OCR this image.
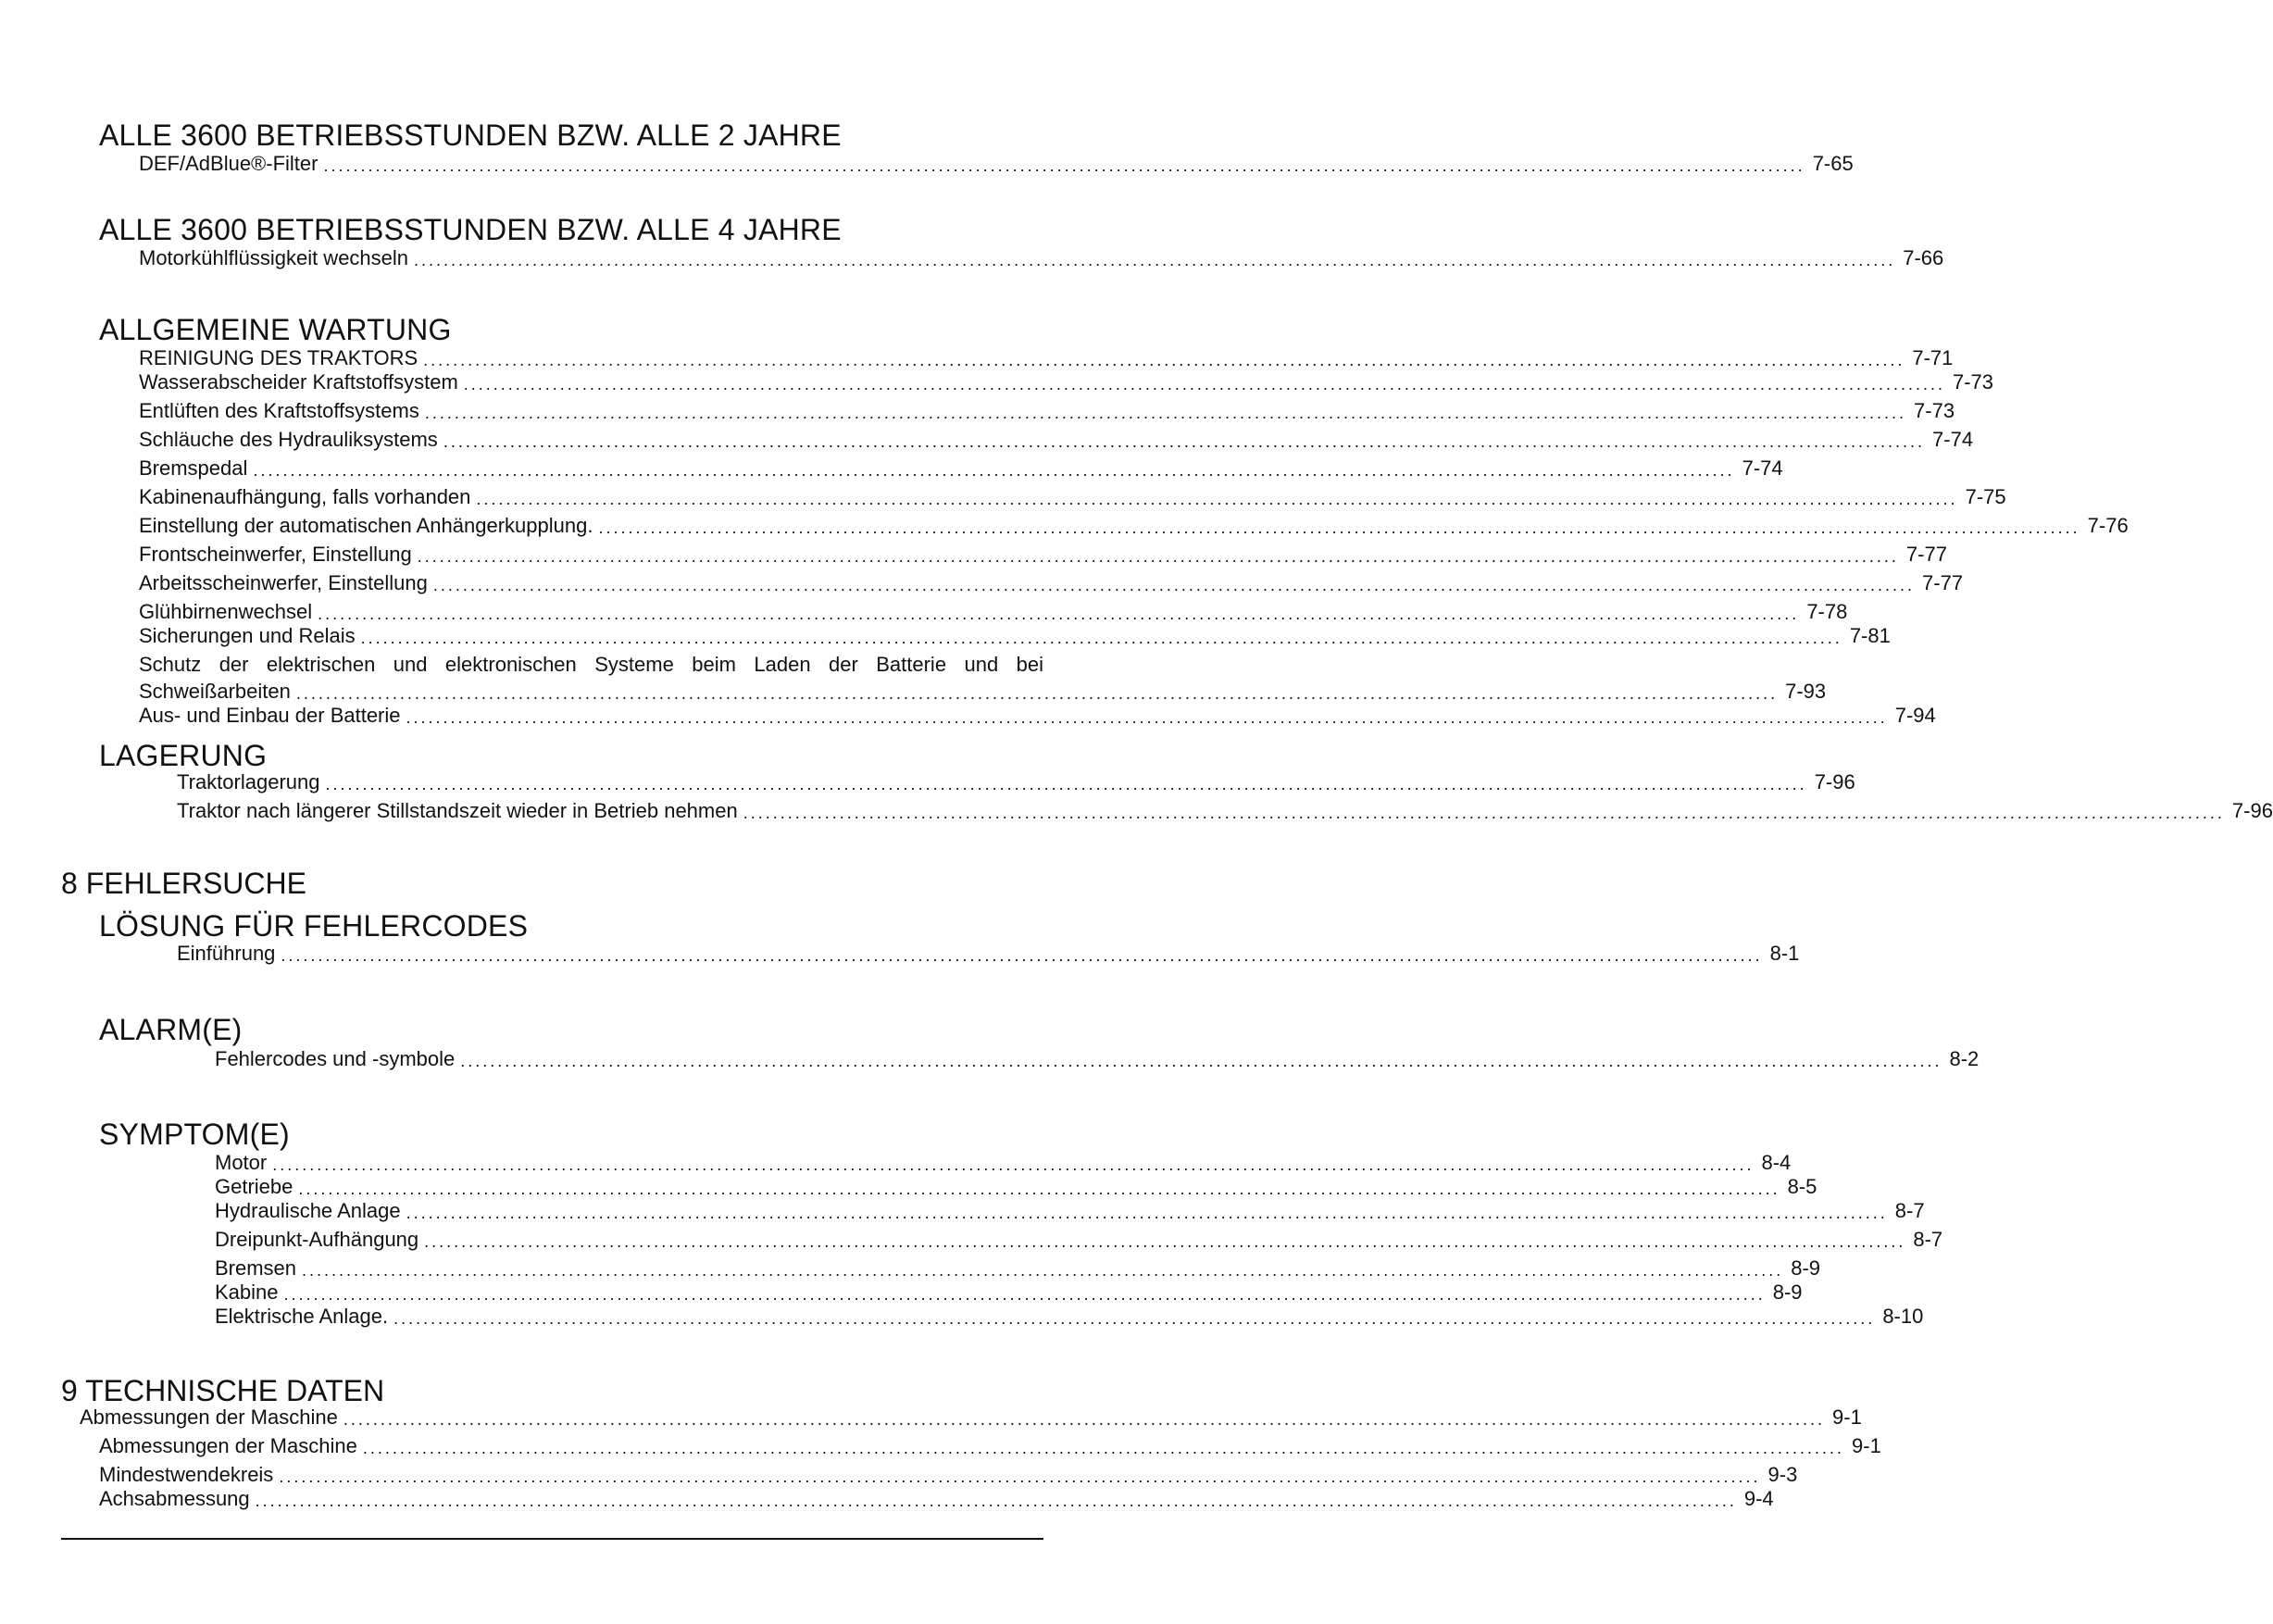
ALLE 3600 BETRIEBSSTUNDEN BZW. ALLE 2 JAHRE
DEF/AdBlue®-Filter ........................................................................................................................................................................................................ 7-65
ALLE 3600 BETRIEBSSTUNDEN BZW. ALLE 4 JAHRE
Motorkühlflüssigkeit wechseln ........................................................................................................................................................................................................ 7-66
ALLGEMEINE WARTUNG
REINIGUNG DES TRAKTORS ........................................................................................................................................................................................................ 7-71
Wasserabscheider Kraftstoffsystem ........................................................................................................................................................................................................ 7-73
Entlüften des Kraftstoffsystems ........................................................................................................................................................................................................ 7-73
Schläuche des Hydrauliksystems ........................................................................................................................................................................................................ 7-74
Bremspedal ........................................................................................................................................................................................................ 7-74
Kabinenaufhängung, falls vorhanden ........................................................................................................................................................................................................ 7-75
Einstellung der automatischen Anhängerkupplung. ........................................................................................................................................................................................................ 7-76
Frontscheinwerfer, Einstellung ........................................................................................................................................................................................................ 7-77
Arbeitsscheinwerfer, Einstellung ........................................................................................................................................................................................................ 7-77
Glühbirnenwechsel ........................................................................................................................................................................................................ 7-78
Sicherungen und Relais ........................................................................................................................................................................................................ 7-81
Schutz der elektrischen und elektronischen Systeme beim Laden der Batterie und bei
Schweißarbeiten ........................................................................................................................................................................................................ 7-93
Aus- und Einbau der Batterie ........................................................................................................................................................................................................ 7-94
LAGERUNG
Traktorlagerung ........................................................................................................................................................................................................ 7-96
Traktor nach längerer Stillstandszeit wieder in Betrieb nehmen ........................................................................................................................................................................................................ 7-96
8 FEHLERSUCHE
LÖSUNG FÜR FEHLERCODES
Einführung ........................................................................................................................................................................................................ 8-1
ALARM(E)
Fehlercodes und -symbole ........................................................................................................................................................................................................ 8-2
SYMPTOM(E)
Motor ........................................................................................................................................................................................................ 8-4
Getriebe ........................................................................................................................................................................................................ 8-5
Hydraulische Anlage ........................................................................................................................................................................................................ 8-7
Dreipunkt-Aufhängung ........................................................................................................................................................................................................ 8-7
Bremsen ........................................................................................................................................................................................................ 8-9
Kabine ........................................................................................................................................................................................................ 8-9
Elektrische Anlage. ........................................................................................................................................................................................................ 8-10
9 TECHNISCHE DATEN
Abmessungen der Maschine ........................................................................................................................................................................................................ 9-1
Abmessungen der Maschine ........................................................................................................................................................................................................ 9-1
Mindestwendekreis ........................................................................................................................................................................................................ 9-3
Achsabmessung ........................................................................................................................................................................................................ 9-4
